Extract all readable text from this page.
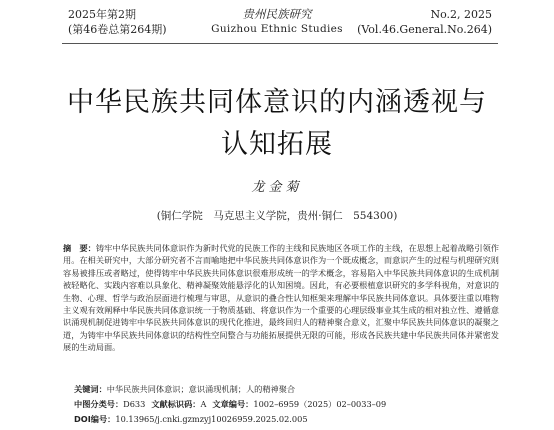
2025年第2期
(第46卷总第264期)
贵州民族研究
Guizhou Ethnic Studies
No.2, 2025
(Vol.46.General.No.264)
中华民族共同体意识的内涵透视与
认知拓展
龙金菊
(铜仁学院　马克思主义学院，贵州·铜仁　554300)
摘　要：铸牢中华民族共同体意识作为新时代党的民族工作的主线和民族地区各项工作的主线，在思想上起着战略引领作用。在相关研究中，大部分研究者不言而喻地把中华民族共同体意识作为一个既成概念，而意识产生的过程与机理研究则容易被排压或者略过，使得铸牢中华民族共同体意识很难形成统一的学术概念，容易陷入中华民族共同体意识的生成机制被轻略化、实践内容难以具象化、精神凝聚效能悬浮化的认知困境。因此，有必要根植意识研究的多学科视角，对意识的生物、心理、哲学与政治层面进行梳理与审思，从意识的叠合性认知框架来理解中华民族共同体意识。具体要注重以唯物主义观有效阐释中华民族共同体意识统一于物质基础、将意识作为一个重要的心理层级事业其生成的相对独立性、遵循意识涌现机制促进铸牢中华民族共同体意识的现代化推进，最终回归人的精神聚合意义，汇聚中华民族共同体意识的凝聚之道，为铸牢中华民族共同体意识的结构性空间整合与功能拓展提供无限的可能，形成各民族共建中华民族共同体并紧密发展的生动局面。
关键词：中华民族共同体意识；意识涌现机制；人的精神聚合
中图分类号：D633 文献标识码：A 文章编号：1002–6959（2025）02–0033–09
DOI编号：10.13965/j.cnki.gzmzyj10026959.2025.02.005
